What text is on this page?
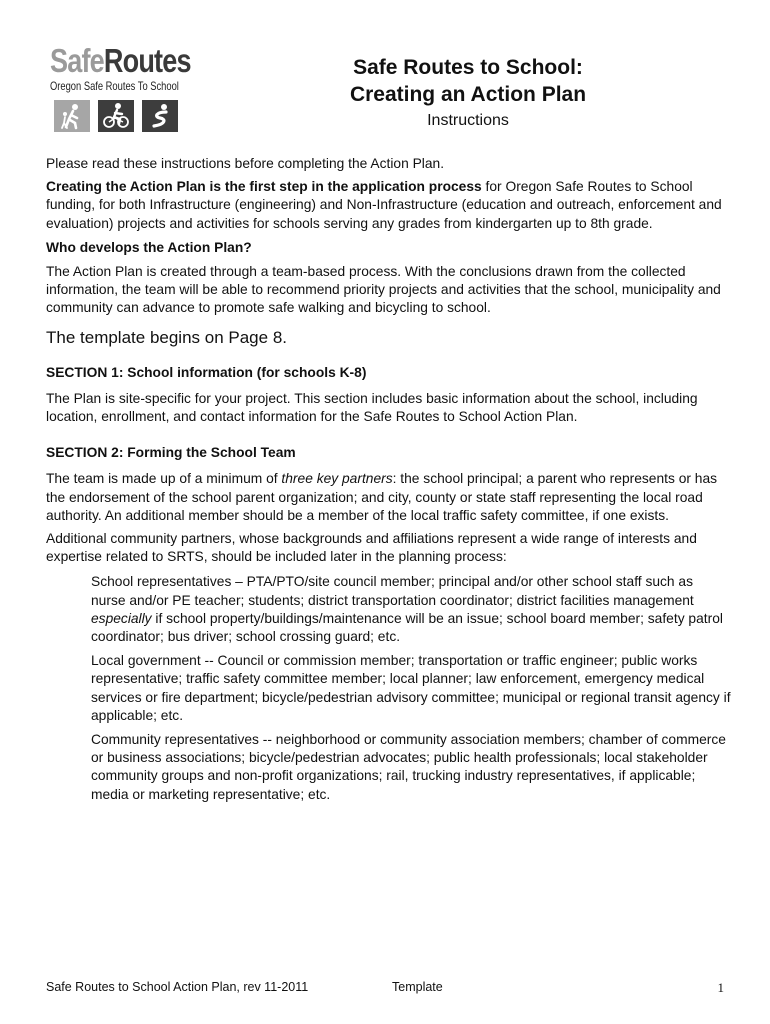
SafeRoutes
Oregon Safe Routes To School
Safe Routes to School:
Creating an Action Plan
Instructions

Please read these instructions before completing the Action Plan.

Creating the Action Plan is the first step in the application process for Oregon Safe Routes to School funding, for both Infrastructure (engineering) and Non-Infrastructure (education and outreach, enforcement and evaluation) projects and activities for schools serving any grades from kindergarten up to 8th grade.

Who develops the Action Plan?

The Action Plan is created through a team-based process. With the conclusions drawn from the collected information, the team will be able to recommend priority projects and activities that the school, municipality and community can advance to promote safe walking and bicycling to school.

The template begins on Page 8.

SECTION 1: School information (for schools K-8)

The Plan is site-specific for your project. This section includes basic information about the school, including location, enrollment, and contact information for the Safe Routes to School Action Plan.

SECTION 2: Forming the School Team

The team is made up of a minimum of three key partners: the school principal; a parent who represents or has the endorsement of the school parent organization; and city, county or state staff representing the local road authority. An additional member should be a member of the local traffic safety committee, if one exists.

Additional community partners, whose backgrounds and affiliations represent a wide range of interests and expertise related to SRTS, should be included later in the planning process:

School representatives – PTA/PTO/site council member; principal and/or other school staff such as nurse and/or PE teacher; students; district transportation coordinator; district facilities management especially if school property/buildings/maintenance will be an issue; school board member; safety patrol coordinator; bus driver; school crossing guard; etc.

Local government -- Council or commission member; transportation or traffic engineer; public works representative; traffic safety committee member; local planner; law enforcement, emergency medical services or fire department; bicycle/pedestrian advisory committee; municipal or regional transit agency if applicable; etc.

Community representatives -- neighborhood or community association members; chamber of commerce or business associations; bicycle/pedestrian advocates; public health professionals; local stakeholder community groups and non-profit organizations; rail, trucking industry representatives, if applicable; media or marketing representative; etc.

Safe Routes to School Action Plan, rev 11-2011	Template	1
